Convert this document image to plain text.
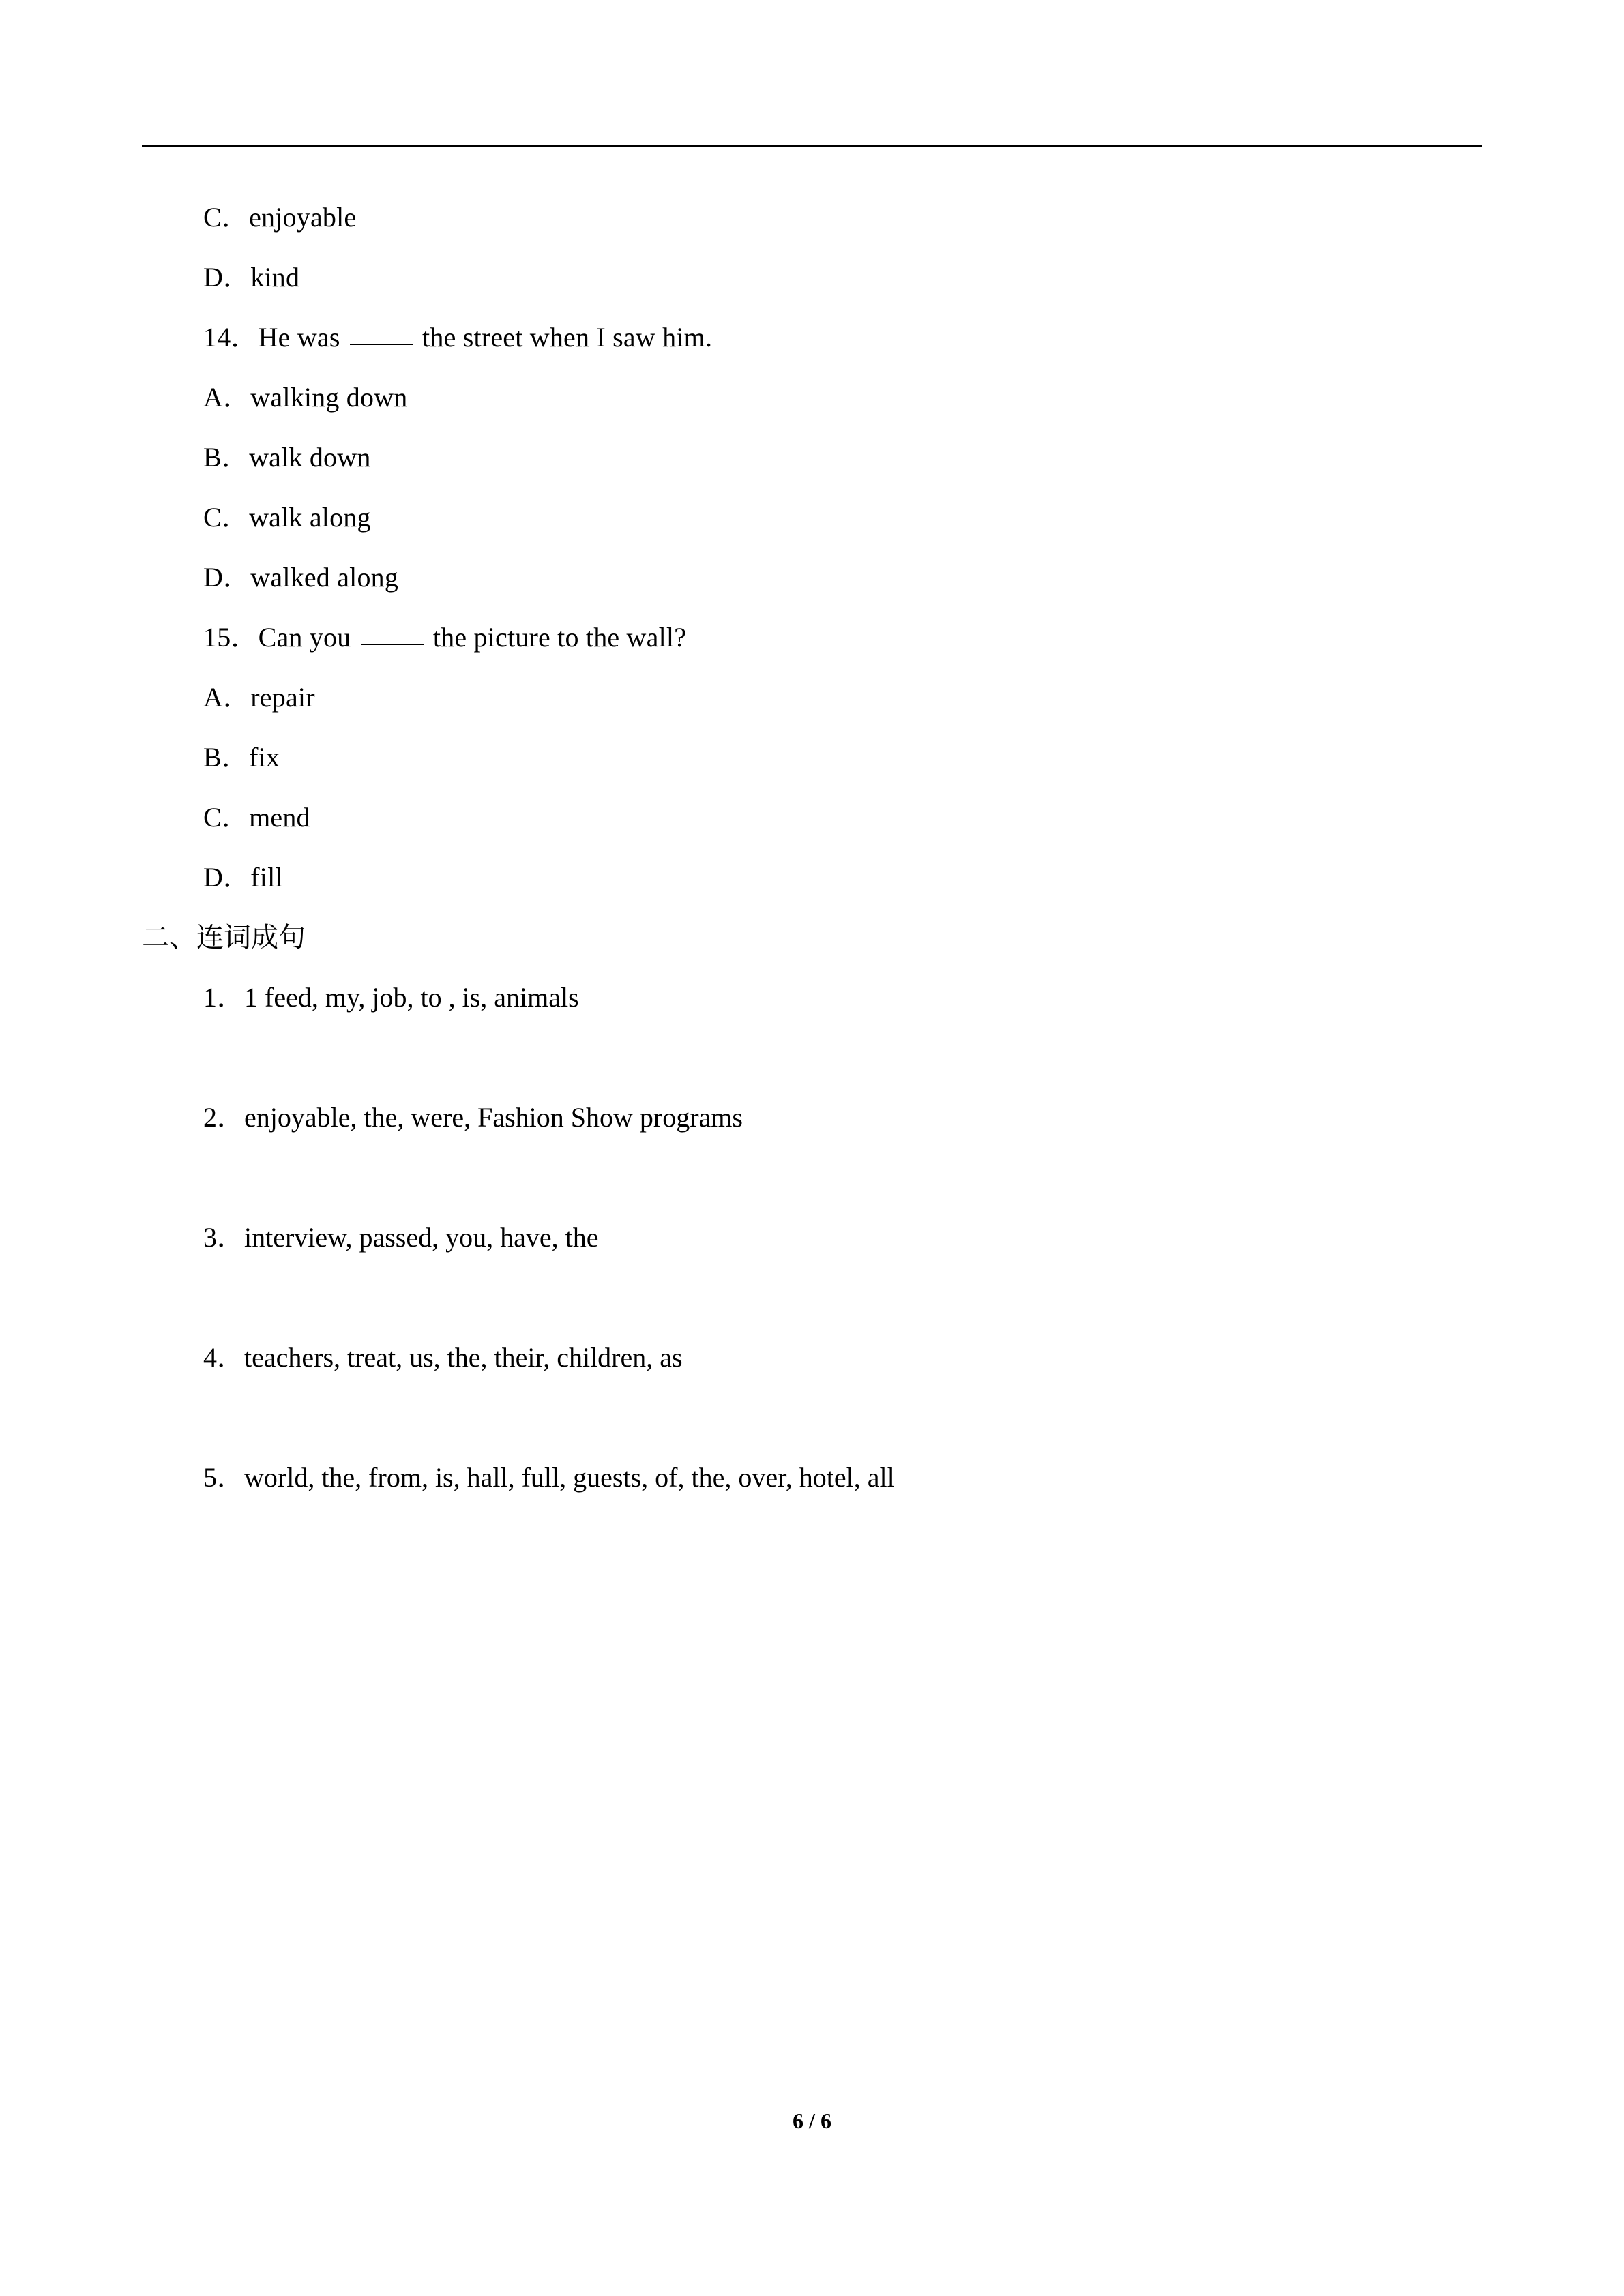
C．enjoyable
D．kind
14．He was	the street when I saw him.
A．walking down
B．walk down
C．walk along
D．walked along
15．Can you	the picture to the wall?
A．repair
B．fix
C．mend
D．fill
二、连词成句
1．1 feed, my, job, to , is, animals
2．enjoyable, the, were, Fashion Show programs
3．interview, passed, you, have, the
4．teachers, treat, us, the, their, children, as
5．world, the, from, is, hall, full, guests, of, the, over, hotel, all
6 / 6
